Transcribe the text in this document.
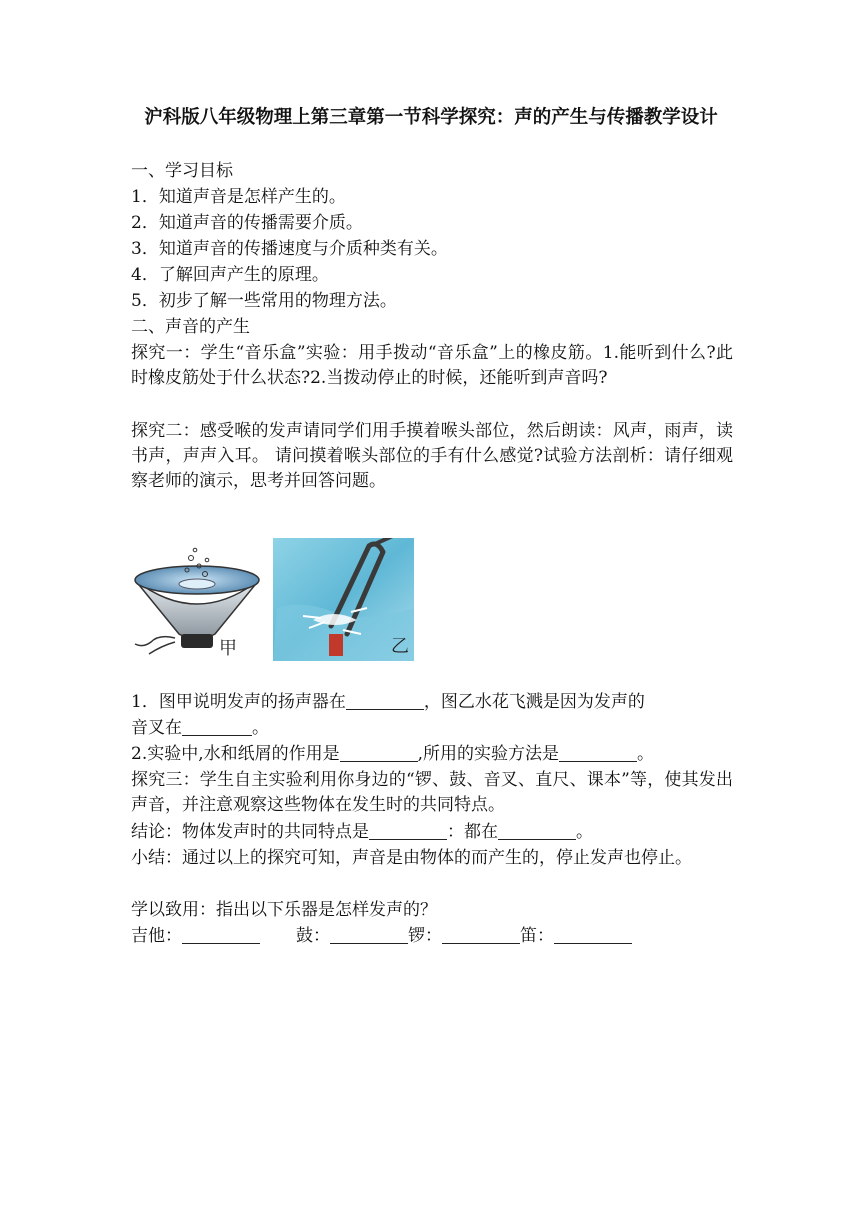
沪科版八年级物理上第三章第一节科学探究：声的产生与传播教学设计
一、学习目标
1．知道声音是怎样产生的。
2．知道声音的传播需要介质。
3．知道声音的传播速度与介质种类有关。
4．了解回声产生的原理。
5．初步了解一些常用的物理方法。
二、声音的产生
探究一：学生“音乐盒”实验：用手拨动“音乐盒”上的橡皮筋。1.能听到什么?此时橡皮筋处于什么状态?2.当拨动停止的时候，还能听到声音吗?
探究二：感受喉的发声请同学们用手摸着喉头部位，然后朗读：风声，雨声，读书声，声声入耳。 请问摸着喉头部位的手有什么感觉?试验方法剖析：请仔细观察老师的演示，思考并回答问题。
甲	乙
1．图甲说明发声的扬声器在	，图乙水花飞溅是因为发声的
音叉在	。
2.实验中,水和纸屑的作用是	,所用的实验方法是	。
探究三：学生自主实验利用你身边的“锣、鼓、音叉、直尺、课本”等，使其发出声音，并注意观察这些物体在发生时的共同特点。
结论：物体发声时的共同特点是	：都在	。
小结：通过以上的探究可知，声音是由物体的而产生的，停止发声也停止。
学以致用：指出以下乐器是怎样发声的？
吉他：	鼓：	锣：	笛：
